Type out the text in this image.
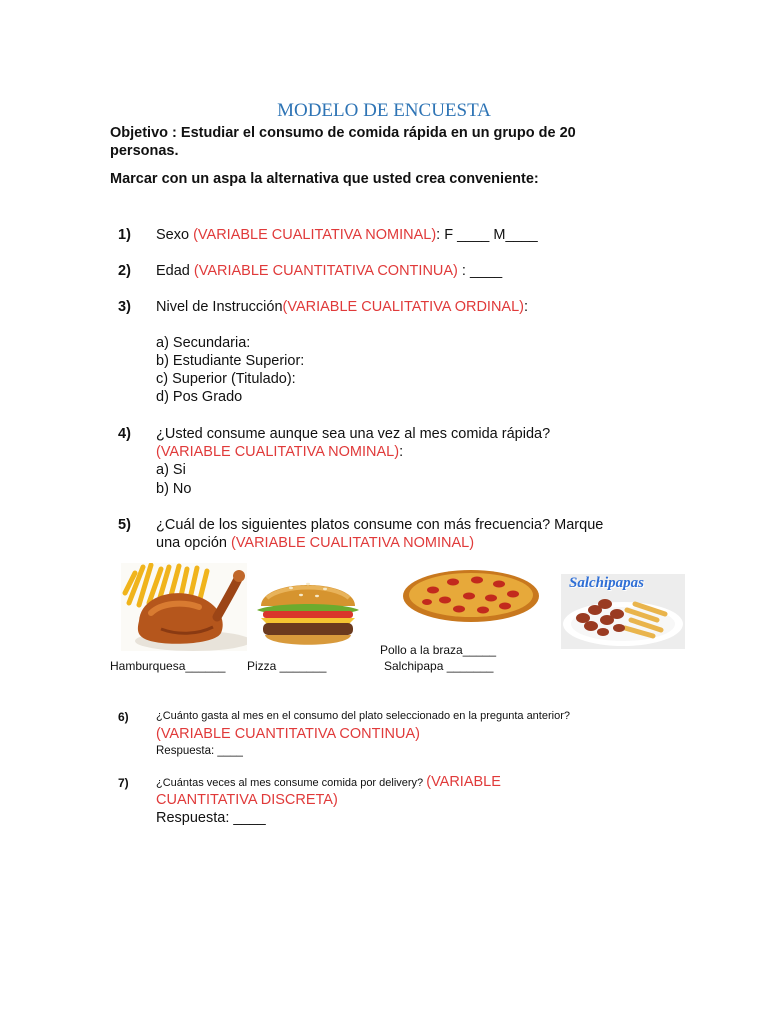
MODELO DE ENCUESTA
Objetivo : Estudiar el consumo de comida rápida en un grupo de 20
personas.
Marcar con un aspa la alternativa que usted crea conveniente:
1) Sexo (VARIABLE CUALITATIVA NOMINAL): F ____ M____
2) Edad (VARIABLE CUANTITATIVA CONTINUA) : ____
3) Nivel de Instrucción(VARIABLE CUALITATIVA ORDINAL):
a) Secundaria:
b) Estudiante Superior:
c) Superior (Titulado):
d) Pos Grado
4) ¿Usted consume aunque sea una vez al mes comida rápida?
(VARIABLE CUALITATIVA NOMINAL):
a) Si
b) No
5) ¿Cuál de los siguientes platos consume con más frecuencia? Marque
una opción (VARIABLE CUALITATIVA NOMINAL)
Salchipapas
Pollo a la braza_____
Hamburquesa______ Pizza _______	Salchipapa _______
6) ¿Cuánto gasta al mes en el consumo del plato seleccionado en la pregunta anterior?
(VARIABLE CUANTITATIVA CONTINUA)
Respuesta: ____
7) ¿Cuántas veces al mes consume comida por delivery? (VARIABLE
CUANTITATIVA DISCRETA)
Respuesta: ____
